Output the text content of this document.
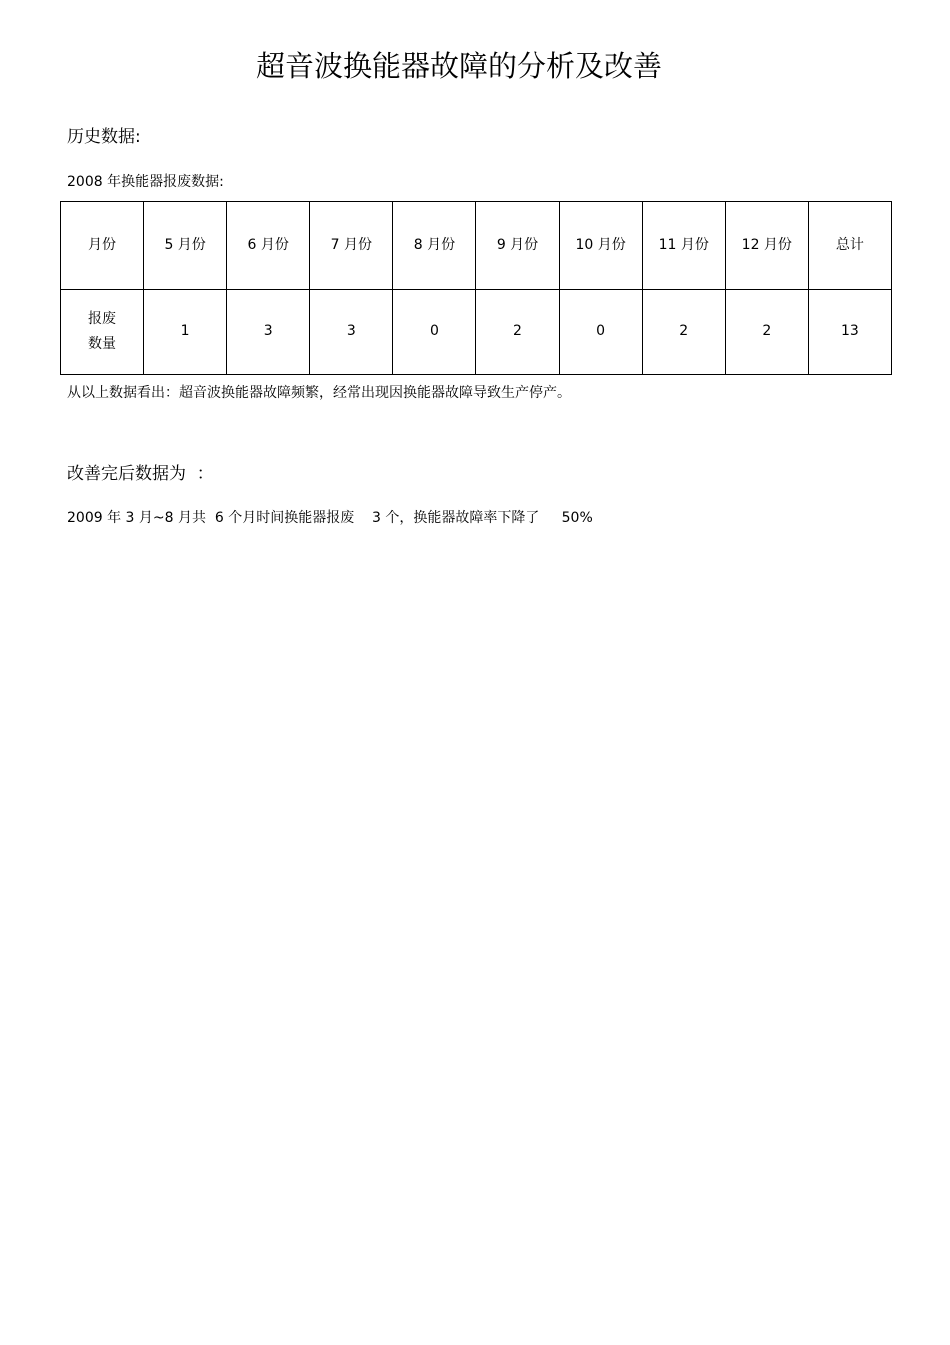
超音波换能器故障的分析及改善

历史数据:

2008 年换能器报废数据:

月份	5 月份	6 月份	7 月份	8 月份	9 月份	10 月份	11 月份	12 月份	总计

报废
数量	1	3	3	0	2	0	2	2	13

从以上数据看出：超音波换能器故障频繁，经常出现因换能器故障导致生产停产。

改善完后数据为  ：

2009 年 3 月~8 月共  6 个月时间换能器报废    3 个，换能器故障率下降了     50%
